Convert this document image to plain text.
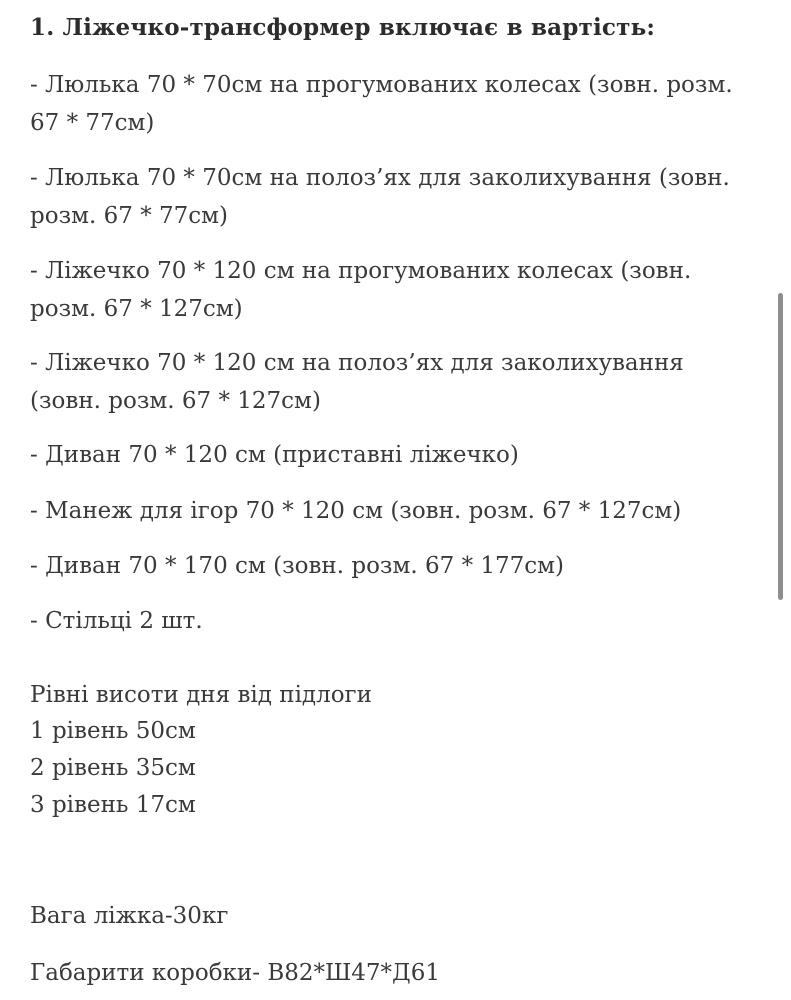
1. Ліжечко-трансформер включає в вартість:
- Люлька 70 * 70см на прогумованих колесах (зовн. розм. 67 * 77см)
- Люлька 70 * 70см на полоз’ях для заколихування (зовн. розм. 67 * 77см)
- Ліжечко 70 * 120 см на прогумованих колесах (зовн. розм. 67 * 127см)
- Ліжечко 70 * 120 см на полоз’ях для заколихування (зовн. розм. 67 * 127см)
- Диван 70 * 120 см (приставні ліжечко)
- Манеж для ігор 70 * 120 см (зовн. розм. 67 * 127см)
- Диван 70 * 170 см (зовн. розм. 67 * 177см)
- Стільці 2 шт.
Рівні висоти дня від підлоги
1 рівень 50см
2 рівень 35см
3 рівень 17см
Вага ліжка-30кг
Габарити коробки- В82*Ш47*Д61
